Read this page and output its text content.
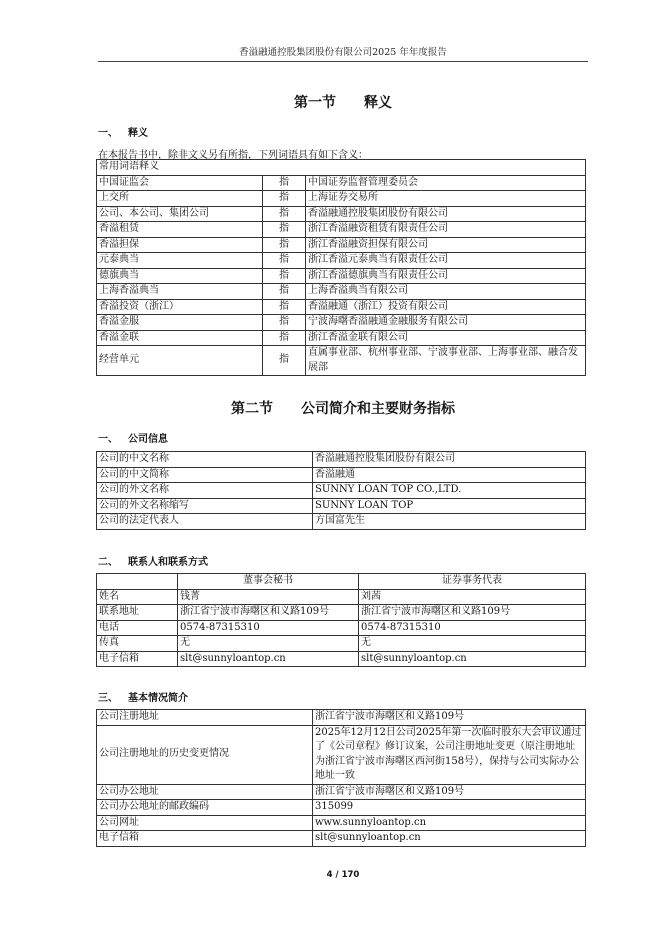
香溢融通控股集团股份有限公司2025 年年度报告
第一节　　释义
一、 释义
在本报告书中，除非文义另有所指，下列词语具有如下含义：
常用词语释义		
中国证监会	指	中国证券监督管理委员会
上交所	指	上海证券交易所
公司、本公司、集团公司	指	香溢融通控股集团股份有限公司
香溢租赁	指	浙江香溢融资租赁有限责任公司
香溢担保	指	浙江香溢融资担保有限公司
元泰典当	指	浙江香溢元泰典当有限责任公司
德旗典当	指	浙江香溢德旗典当有限责任公司
上海香溢典当	指	上海香溢典当有限公司
香溢投资（浙江）	指	香溢融通（浙江）投资有限公司
香溢金服	指	宁波海曙香溢融通金融服务有限公司
香溢金联	指	浙江香溢金联有限公司
经营单元	指	直属事业部、杭州事业部、宁波事业部、上海事业部、融合发展部
第二节　　公司简介和主要财务指标
一、 公司信息
公司的中文名称	香溢融通控股集团股份有限公司
公司的中文简称	香溢融通
公司的外文名称	SUNNY LOAN TOP CO.,LTD.
公司的外文名称缩写	SUNNY LOAN TOP
公司的法定代表人	方国富先生
二、 联系人和联系方式
	董事会秘书	证券事务代表
姓名	钱菁	刘茜
联系地址	浙江省宁波市海曙区和义路109号	浙江省宁波市海曙区和义路109号
电话	0574-87315310	0574-87315310
传真	无	无
电子信箱	slt@sunnyloantop.cn	slt@sunnyloantop.cn
三、 基本情况简介
公司注册地址	浙江省宁波市海曙区和义路109号
公司注册地址的历史变更情况	2025年12月12日公司2025年第一次临时股东大会审议通过了《公司章程》修订议案，公司注册地址变更（原注册地址为浙江省宁波市海曙区西河街158号），保持与公司实际办公地址一致
公司办公地址	浙江省宁波市海曙区和义路109号
公司办公地址的邮政编码	315099
公司网址	www.sunnyloantop.cn
电子信箱	slt@sunnyloantop.cn
4 / 170
